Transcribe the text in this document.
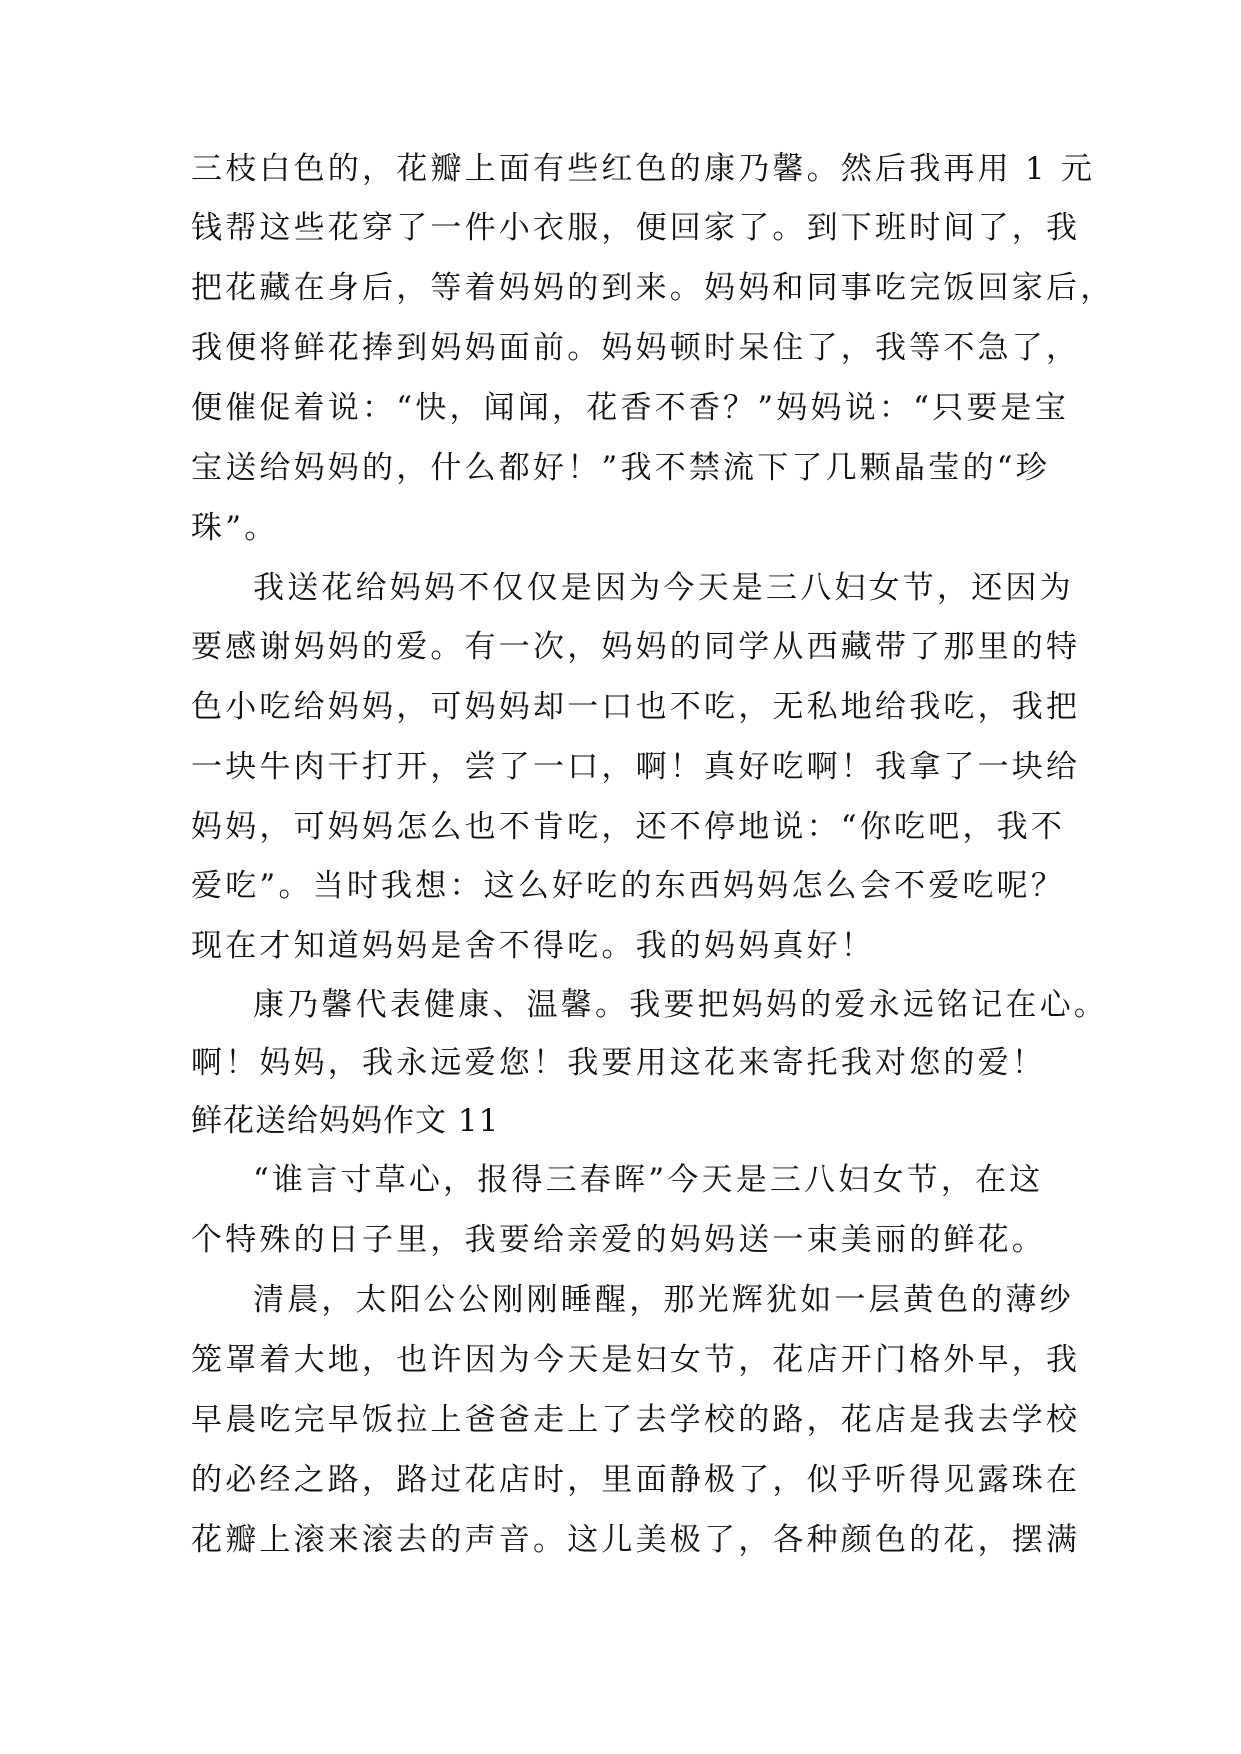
三枝白色的，花瓣上面有些红色的康乃馨。然后我再用 1 元
钱帮这些花穿了一件小衣服，便回家了。到下班时间了，我
把花藏在身后，等着妈妈的到来。妈妈和同事吃完饭回家后，
我便将鲜花捧到妈妈面前。妈妈顿时呆住了，我等不急了，
便催促着说：“快，闻闻，花香不香？”妈妈说：“只要是宝
宝送给妈妈的，什么都好！”我不禁流下了几颗晶莹的“珍
珠”。
我送花给妈妈不仅仅是因为今天是三八妇女节，还因为
要感谢妈妈的爱。有一次，妈妈的同学从西藏带了那里的特
色小吃给妈妈，可妈妈却一口也不吃，无私地给我吃，我把
一块牛肉干打开，尝了一口，啊！真好吃啊！我拿了一块给
妈妈，可妈妈怎么也不肯吃，还不停地说：“你吃吧，我不
爱吃”。当时我想：这么好吃的东西妈妈怎么会不爱吃呢？
现在才知道妈妈是舍不得吃。我的妈妈真好！
康乃馨代表健康、温馨。我要把妈妈的爱永远铭记在心。
啊！妈妈，我永远爱您！我要用这花来寄托我对您的爱！
鲜花送给妈妈作文 11
“谁言寸草心，报得三春晖”今天是三八妇女节，在这
个特殊的日子里，我要给亲爱的妈妈送一束美丽的鲜花。
清晨，太阳公公刚刚睡醒，那光辉犹如一层黄色的薄纱
笼罩着大地，也许因为今天是妇女节，花店开门格外早，我
早晨吃完早饭拉上爸爸走上了去学校的路，花店是我去学校
的必经之路，路过花店时，里面静极了，似乎听得见露珠在
花瓣上滚来滚去的声音。这儿美极了，各种颜色的花，摆满
